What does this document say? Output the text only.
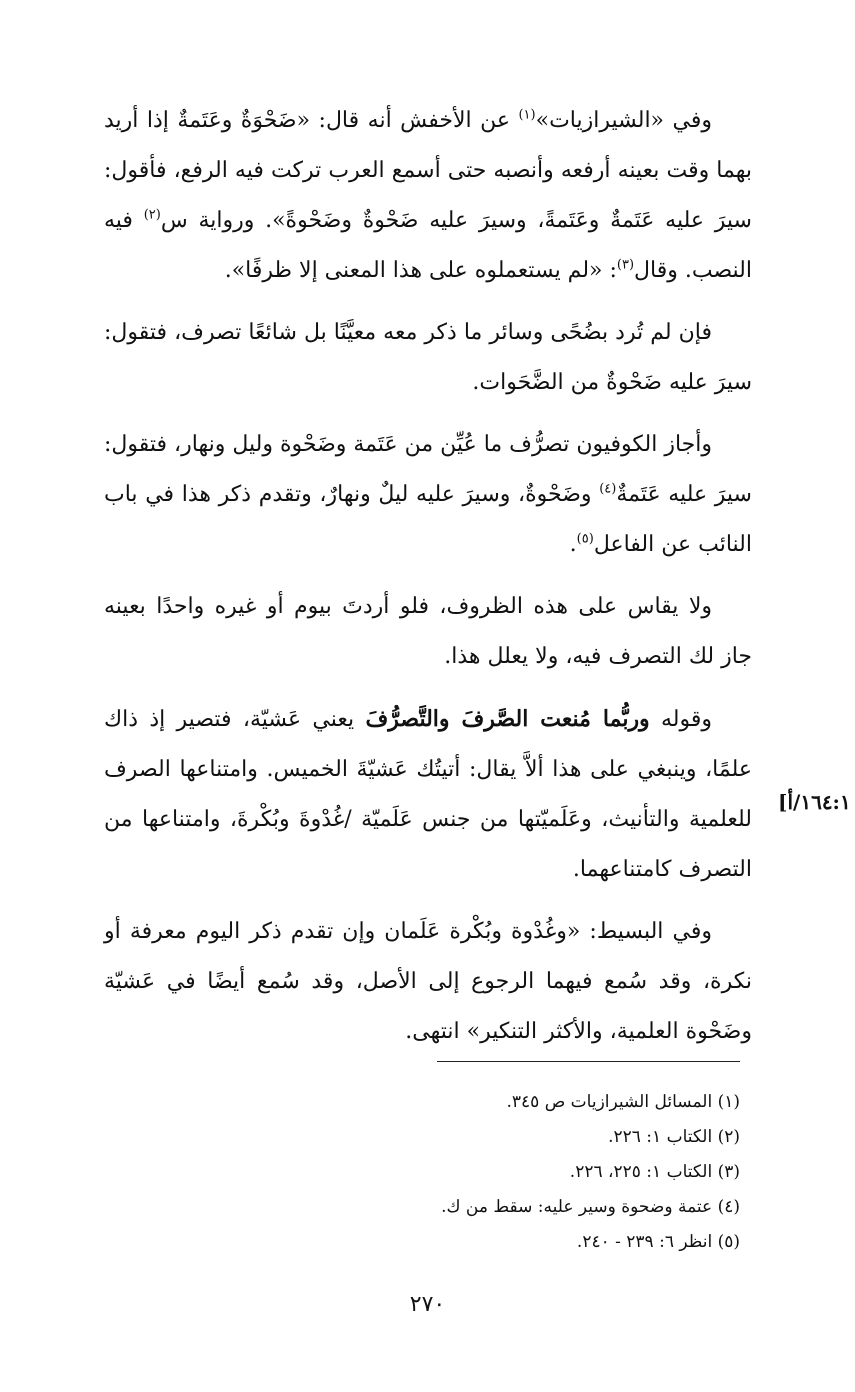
وفي «الشيرازيات»$^{(١)}$ عن الأخفش أنه قال: «ضَحْوَةٌ وعَتَمةٌ إذا أريد بهما وقت بعينه أرفعه وأنصبه حتى أسمع العرب تركت فيه الرفع، فأقول: سيرَ عليه عَتَمةٌ وعَتَمةً، وسيرَ عليه ضَحْوةٌ وضَحْوةً». ورواية س$^{(٢)}$ فيه النصب. وقال$^{(٣)}$: «لم يستعملوه على هذا المعنى إلا ظرفًا».

فإن لم تُرد بضُحًى وسائر ما ذكر معه معيَّنًا بل شائعًا تصرف، فتقول: سيرَ عليه ضَحْوةٌ من الضَّحَوات.

وأجاز الكوفيون تصرُّف ما عُيِّن من عَتَمة وضَحْوة وليل ونهار، فتقول: سيرَ عليه عَتَمةٌ$^{(٤)}$ وضَحْوةٌ، وسيرَ عليه ليلٌ ونهارٌ، وتقدم ذكر هذا في باب النائب عن الفاعل$^{(٥)}$.

ولا يقاس على هذه الظروف، فلو أردتَ بيوم أو غيره واحدًا بعينه جاز لك التصرف فيه، ولا يعلل هذا.

وقوله وربُّما مُنعت الصَّرفَ والتَّصرُّفَ يعني عَشيّة، فتصير إذ ذاك علمًا، وينبغي على هذا ألاَّ يقال: أتيتُك عَشيّةَ الخميس. وامتناعها الصرف للعلمية والتأنيث، وعَلَميّتها من جنس عَلَميّة /غُدْوةَ وبُكْرةَ، وامتناعها من التصرف كامتناعهما.

وفي البسيط: «وغُدْوة وبُكْرة عَلَمان وإن تقدم ذكر اليوم معرفة أو نكرة، وقد سُمع فيهما الرجوع إلى الأصل، وقد سُمع أيضًا في عَشيّة وضَحْوة العلمية، والأكثر التنكير» انتهى.

١٦٤:١/أ]
(١) المسائل الشيرازيات ص ٣٤٥.
(٢) الكتاب ١: ٢٢٦.
(٣) الكتاب ١: ٢٢٥، ٢٢٦.
(٤) عتمة وضحوة وسير عليه: سقط من ك.
(٥) انظر ٦: ٢٣٩ - ٢٤٠.
٢٧٠
